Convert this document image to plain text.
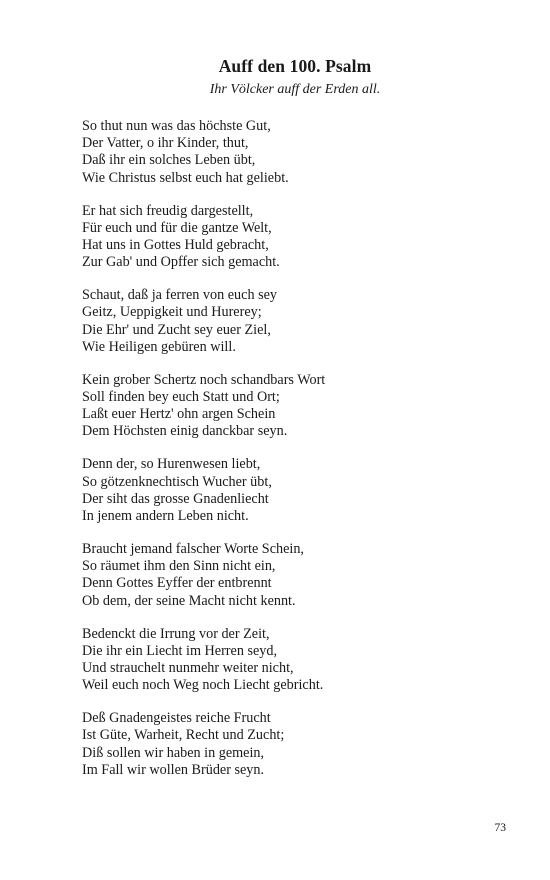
Auff den 100. Psalm
Ihr Völcker auff der Erden all.
So thut nun was das höchste Gut,
Der Vatter, o ihr Kinder, thut,
Daß ihr ein solches Leben übt,
Wie Christus selbst euch hat geliebt.
Er hat sich freudig dargestellt,
Für euch und für die gantze Welt,
Hat uns in Gottes Huld gebracht,
Zur Gab' und Opffer sich gemacht.
Schaut, daß ja ferren von euch sey
Geitz, Ueppigkeit und Hurerey;
Die Ehr' und Zucht sey euer Ziel,
Wie Heiligen gebüren will.
Kein grober Schertz noch schandbars Wort
Soll finden bey euch Statt und Ort;
Laßt euer Hertz' ohn argen Schein
Dem Höchsten einig danckbar seyn.
Denn der, so Hurenwesen liebt,
So götzenknechtisch Wucher übt,
Der siht das grosse Gnadenliecht
In jenem andern Leben nicht.
Braucht jemand falscher Worte Schein,
So räumet ihm den Sinn nicht ein,
Denn Gottes Eyffer der entbrennt
Ob dem, der seine Macht nicht kennt.
Bedenckt die Irrung vor der Zeit,
Die ihr ein Liecht im Herren seyd,
Und strauchelt nunmehr weiter nicht,
Weil euch noch Weg noch Liecht gebricht.
Deß Gnadengeistes reiche Frucht
Ist Güte, Warheit, Recht und Zucht;
Diß sollen wir haben in gemein,
Im Fall wir wollen Brüder seyn.
73
